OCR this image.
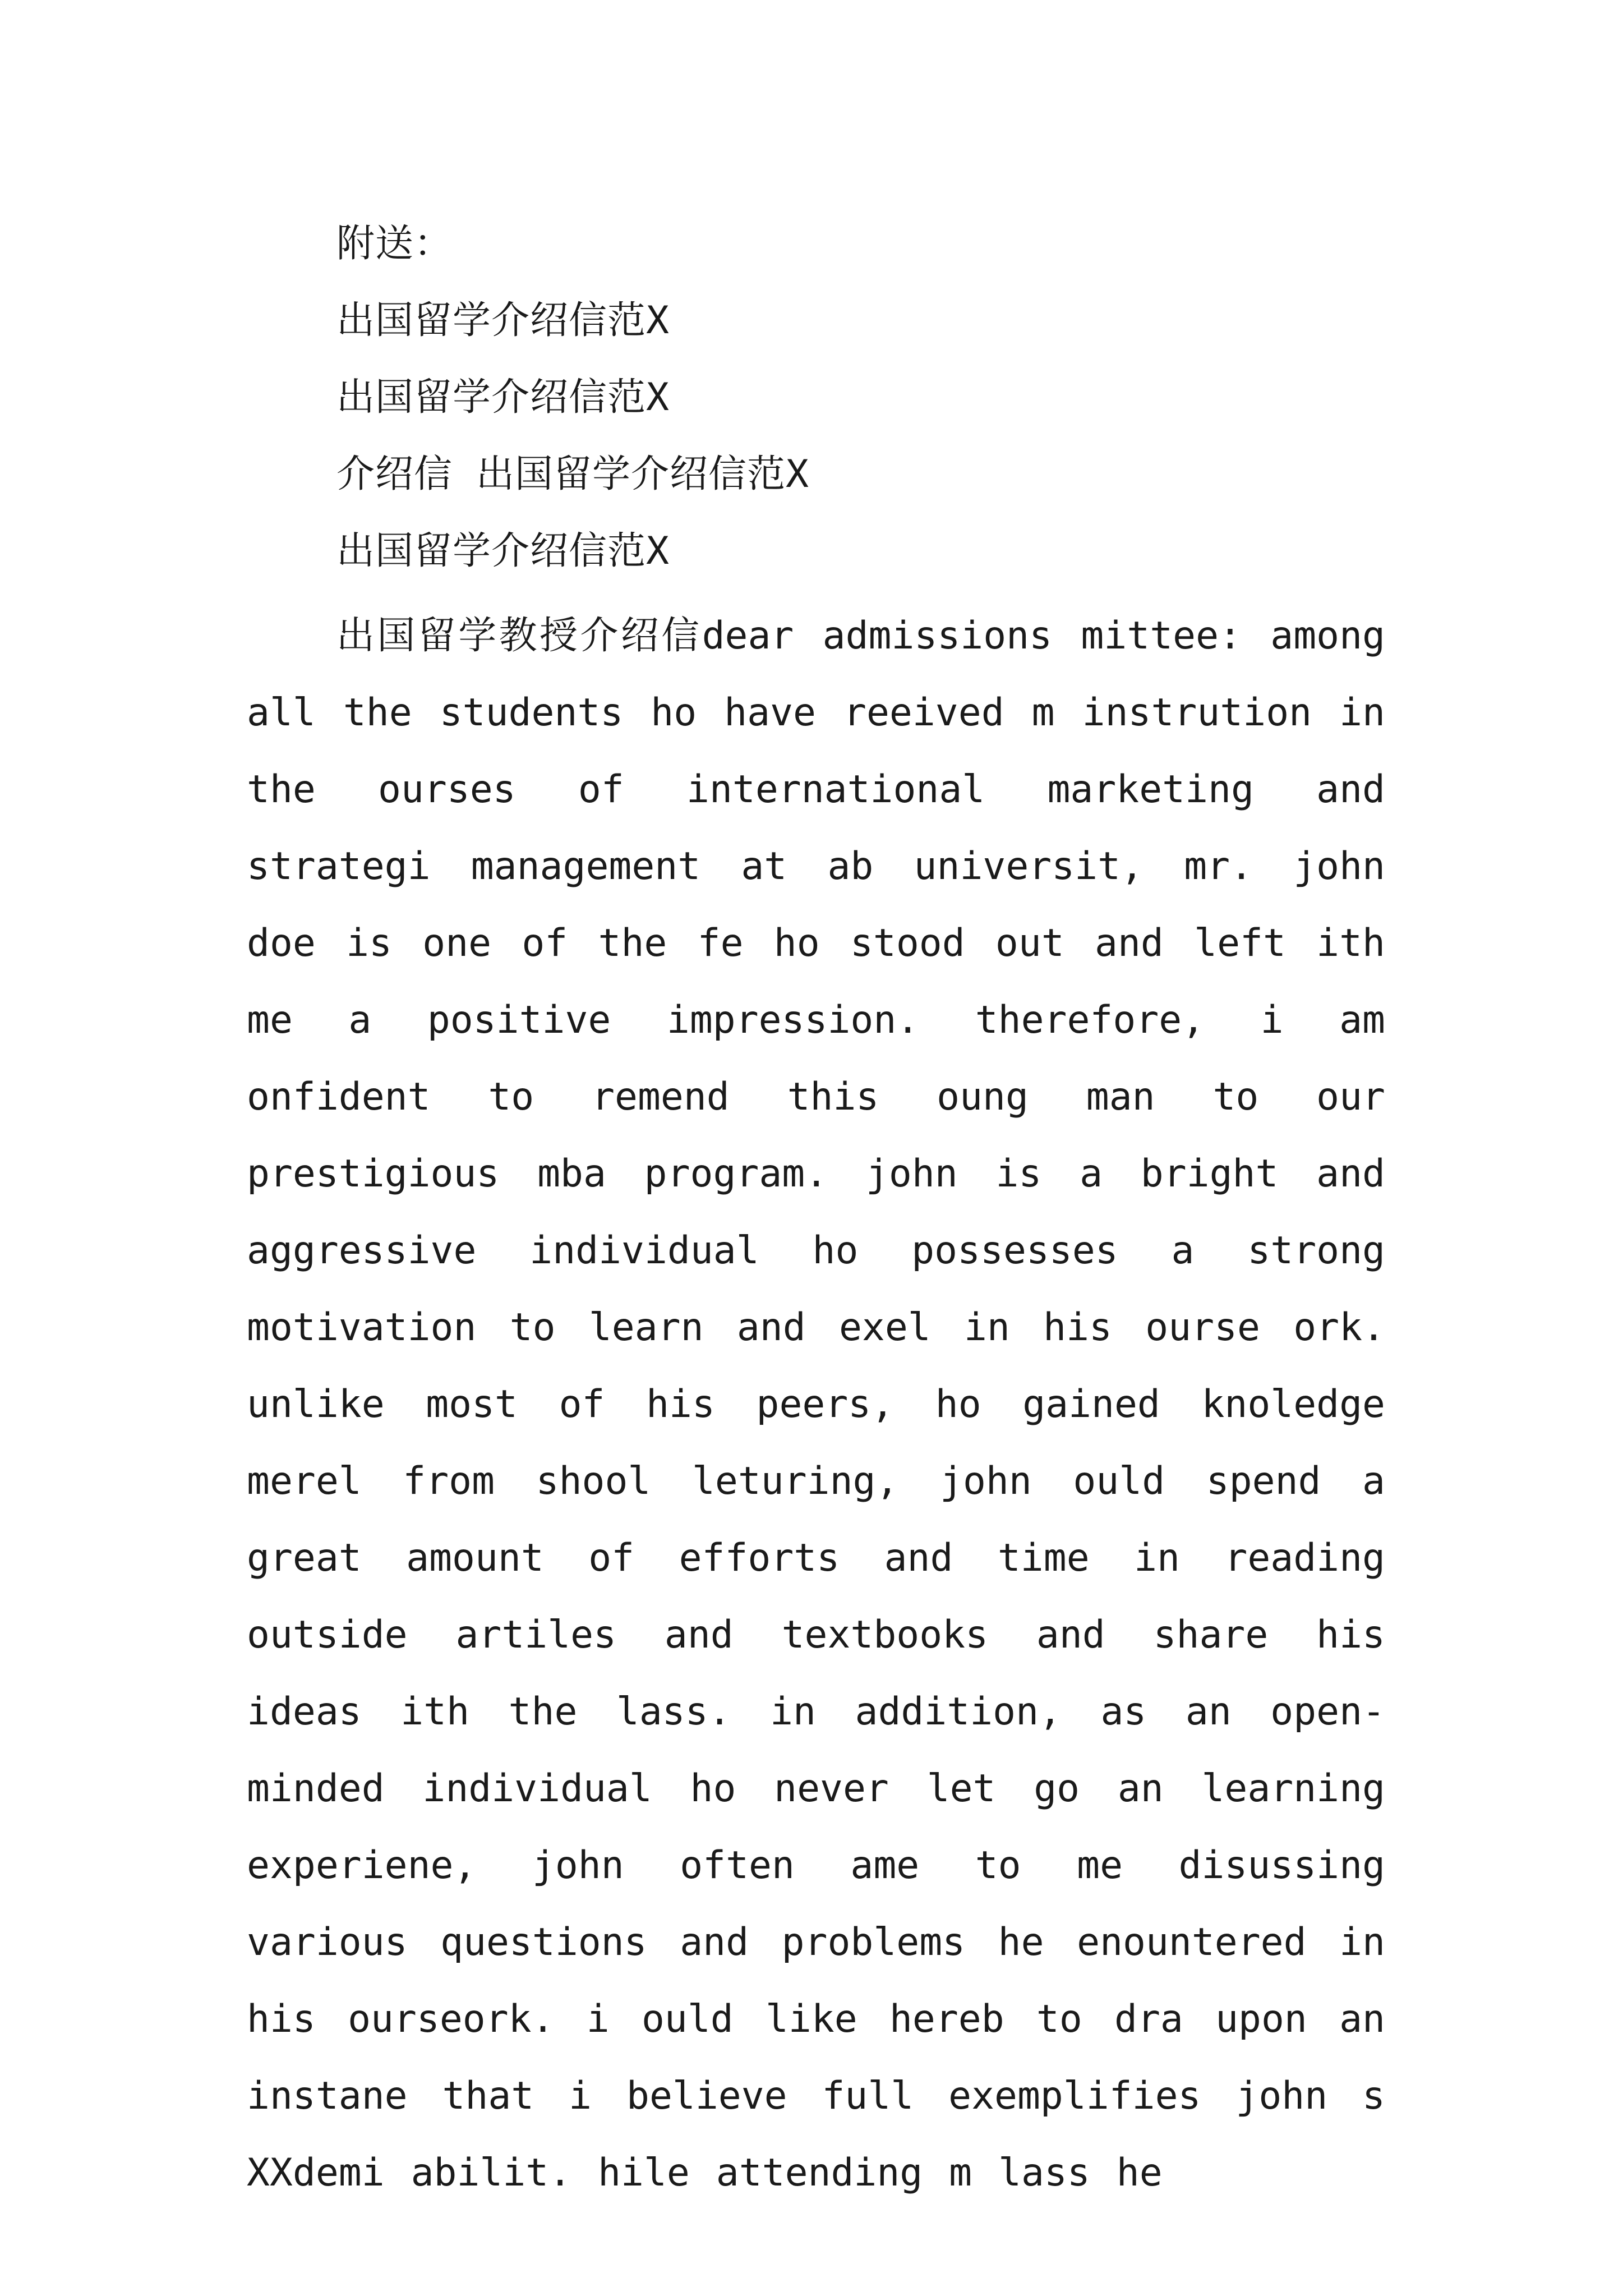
附送：
出国留学介绍信范X
出国留学介绍信范X
介绍信 出国留学介绍信范X
出国留学介绍信范X
出国留学教授介绍信dear admissions mittee: among all the students ho have reeived m instrution in the ourses of international marketing and strategi management at ab universit, mr. john doe is one of the fe ho stood out and left ith me a positive impression. therefore, i am onfident to remend this oung man to our prestigious mba program. john is a bright and aggressive individual ho possesses a strong motivation to learn and exel in his ourse ork. unlike most of his peers, ho gained knoledge merel from shool leturing, john ould spend a great amount of efforts and time in reading outside artiles and textbooks and share his ideas ith the lass. in addition, as an open- minded individual ho never let go an learning experiene, john often ame to me disussing various questions and problems he enountered in his ourseork. i ould like hereb to dra upon an instane that i believe full exemplifies john s XXdemi abilit. hile attending m lass he
